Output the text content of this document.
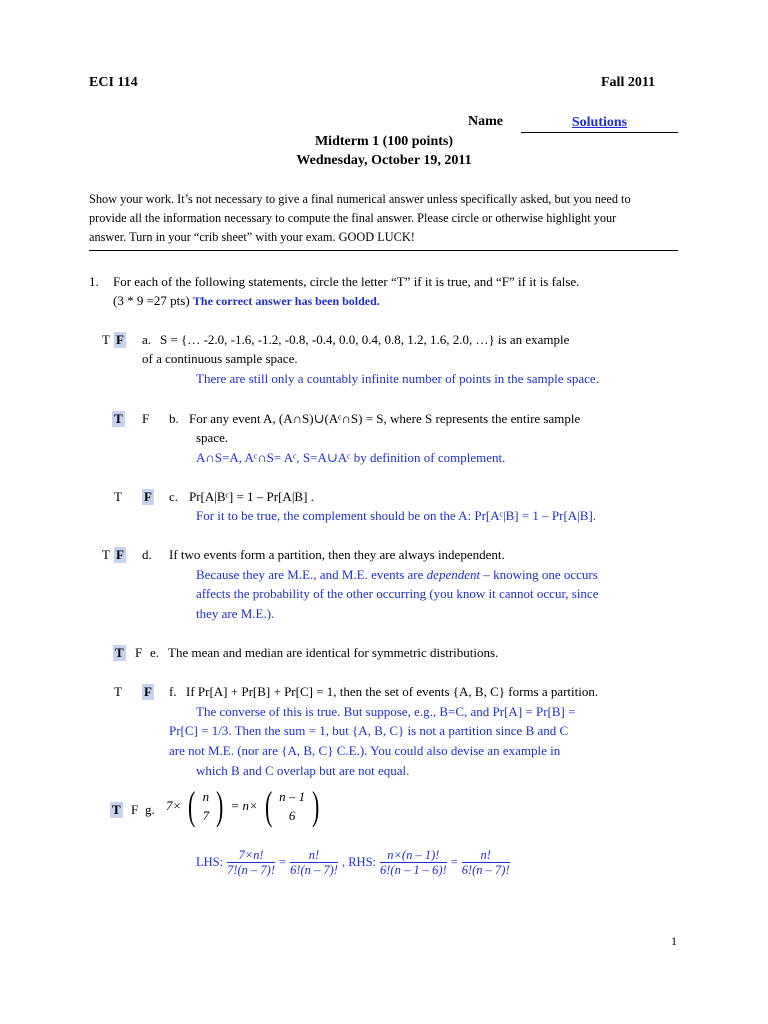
ECI 114	Fall 2011
Name	Solutions
Midterm 1 (100 points)
Wednesday, October 19, 2011
Show your work. It’s not necessary to give a final numerical answer unless specifically asked, but you need to
provide all the information necessary to compute the final answer. Please circle or otherwise highlight your
answer. Turn in your “crib sheet” with your exam. GOOD LUCK!
1. For each of the following statements, circle the letter “T” if it is true, and “F” if it is false.
(3 * 9 =27 pts) The correct answer has been bolded.
T F a. S = {… -2.0, -1.6, -1.2, -0.8, -0.4, 0.0, 0.4, 0.8, 1.2, 1.6, 2.0, …} is an example
of a continuous sample space.
There are still only a countably infinite number of points in the sample space.
T F b. For any event A, (A∩S)∪(Aᶜ∩S) = S, where S represents the entire sample
space.
A∩S=A, Aᶜ∩S= Aᶜ, S=A∪Aᶜ by definition of complement.
T F c. Pr[A|Bᶜ] = 1 – Pr[A|B] .
For it to be true, the complement should be on the A: Pr[Aᶜ|B] = 1 – Pr[A|B].
T F d. If two events form a partition, then they are always independent.
Because they are M.E., and M.E. events are dependent – knowing one occurs
affects the probability of the other occurring (you know it cannot occur, since
they are M.E.).
T F e. The mean and median are identical for symmetric distributions.
T F f. If Pr[A] + Pr[B] + Pr[C] = 1, then the set of events {A, B, C} forms a partition.
The converse of this is true. But suppose, e.g., B=C, and Pr[A] = Pr[B] =
Pr[C] = 1/3. Then the sum = 1, but {A, B, C} is not a partition since B and C
are not M.E. (nor are {A, B, C} C.E.). You could also devise an example in
which B and C overlap but are not equal.
T F g. 7× ( n
7 ) = n× ( n – 1
6 )
LHS: $\frac{7\times n!}{7!(n - 7)!} = \frac{n!}{6!(n - 7)!}$ , RHS: $\frac{n\times(n - 1)!}{6!(n - 1 - 6)!} = \frac{n!}{6!(n - 7)!}$
1
